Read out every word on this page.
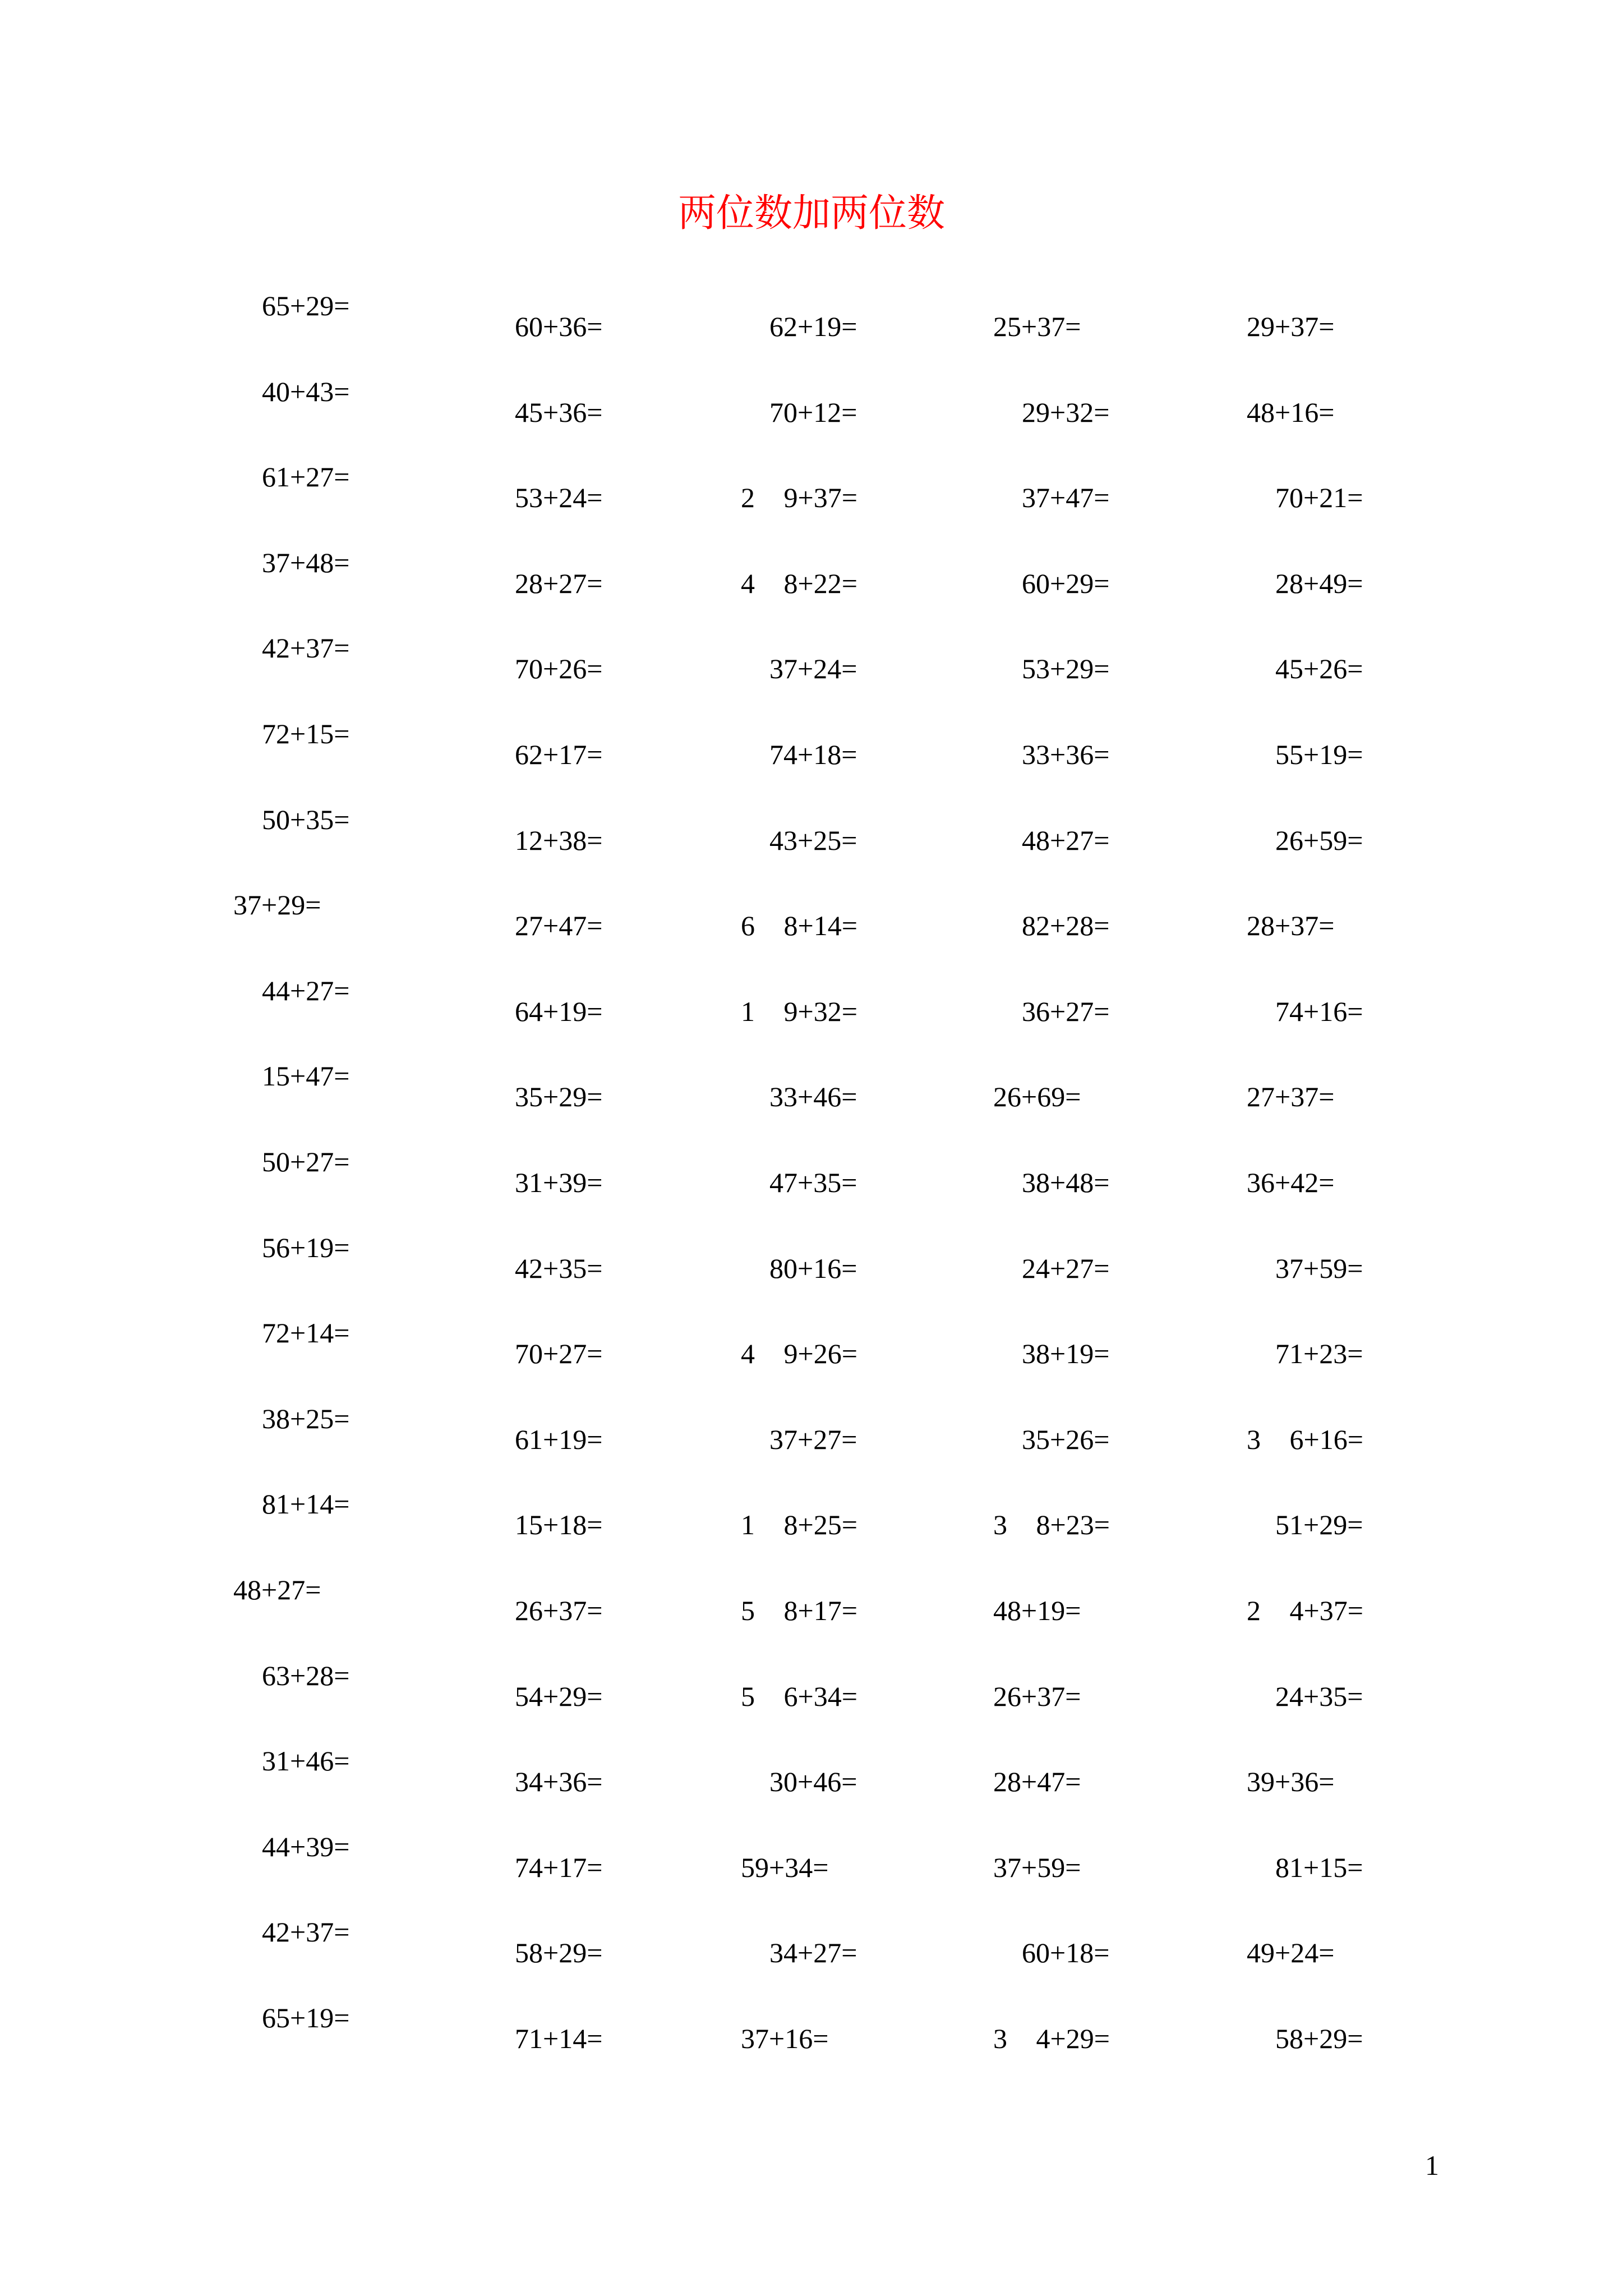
两位数加两位数
65+29=
40+43=
61+27=
37+48=
42+37=
72+15=
50+35=
37+29=
44+27=
15+47=
50+27=
56+19=
72+14=
38+25=
81+14=
48+27=
63+28=
31+46=
44+39=
42+37=
65+19=
60+36=
45+36=
53+24=
28+27=
70+26=
62+17=
12+38=
27+47=
64+19=
35+29=
31+39=
42+35=
70+27=
61+19=
15+18=
26+37=
54+29=
34+36=
74+17=
58+29=
71+14=
62+19=
70+12=
2 9+37=
4 8+22=
37+24=
74+18=
43+25=
6 8+14=
1 9+32=
33+46=
47+35=
80+16=
4 9+26=
37+27=
1 8+25=
5 8+17=
5 6+34=
30+46=
59+34=
34+27=
37+16=
25+37=
29+32=
37+47=
60+29=
53+29=
33+36=
48+27=
82+28=
36+27=
26+69=
38+48=
24+27=
38+19=
35+26=
3 8+23=
48+19=
26+37=
28+47=
37+59=
60+18=
3 4+29=
29+37=
48+16=
70+21=
28+49=
45+26=
55+19=
26+59=
28+37=
74+16=
27+37=
36+42=
37+59=
71+23=
3 6+16=
51+29=
2 4+37=
24+35=
39+36=
81+15=
49+24=
58+29=
1
